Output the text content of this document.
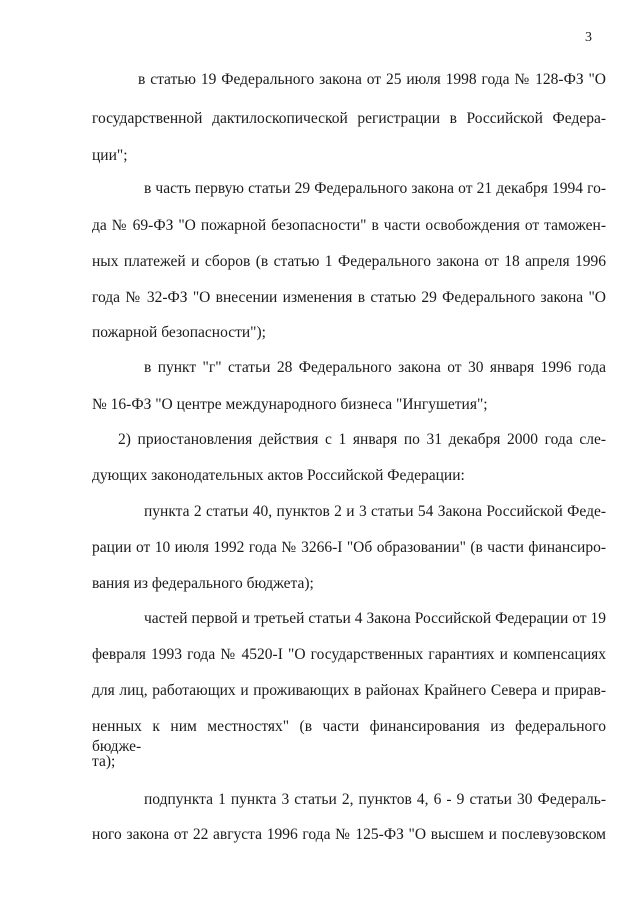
3
в статью 19 Федерального закона от 25 июля 1998 года № 128-ФЗ "О
государственной дактилоскопической регистрации в Российской Федера-
ции";
в часть первую статьи 29 Федерального закона от 21 декабря 1994 го-
да № 69-ФЗ "О пожарной безопасности" в части освобождения от таможен-
ных платежей и сборов (в статью 1 Федерального закона от 18 апреля 1996
года № 32-ФЗ "О внесении изменения в статью 29 Федерального закона "О
пожарной безопасности");
в пункт "г" статьи 28 Федерального закона от 30 января 1996 года
№ 16-ФЗ "О центре международного бизнеса "Ингушетия";
2) приостановления действия с 1 января по 31 декабря 2000 года сле-
дующих законодательных актов Российской Федерации:
пункта 2 статьи 40, пунктов 2 и 3 статьи 54 Закона Российской Феде-
рации от 10 июля 1992 года № 3266-I "Об образовании" (в части финансиро-
вания из федерального бюджета);
частей первой и третьей статьи 4 Закона Российской Федерации от 19
февраля 1993 года № 4520-I "О государственных гарантиях и компенсациях
для лиц, работающих и проживающих в районах Крайнего Севера и прирав-
ненных к ним местностях" (в части финансирования из федерального бюдже-
та);
подпункта 1 пункта 3 статьи 2, пунктов 4, 6 - 9 статьи 30 Федераль-
ного закона от 22 августа 1996 года № 125-ФЗ "О высшем и послевузовском
